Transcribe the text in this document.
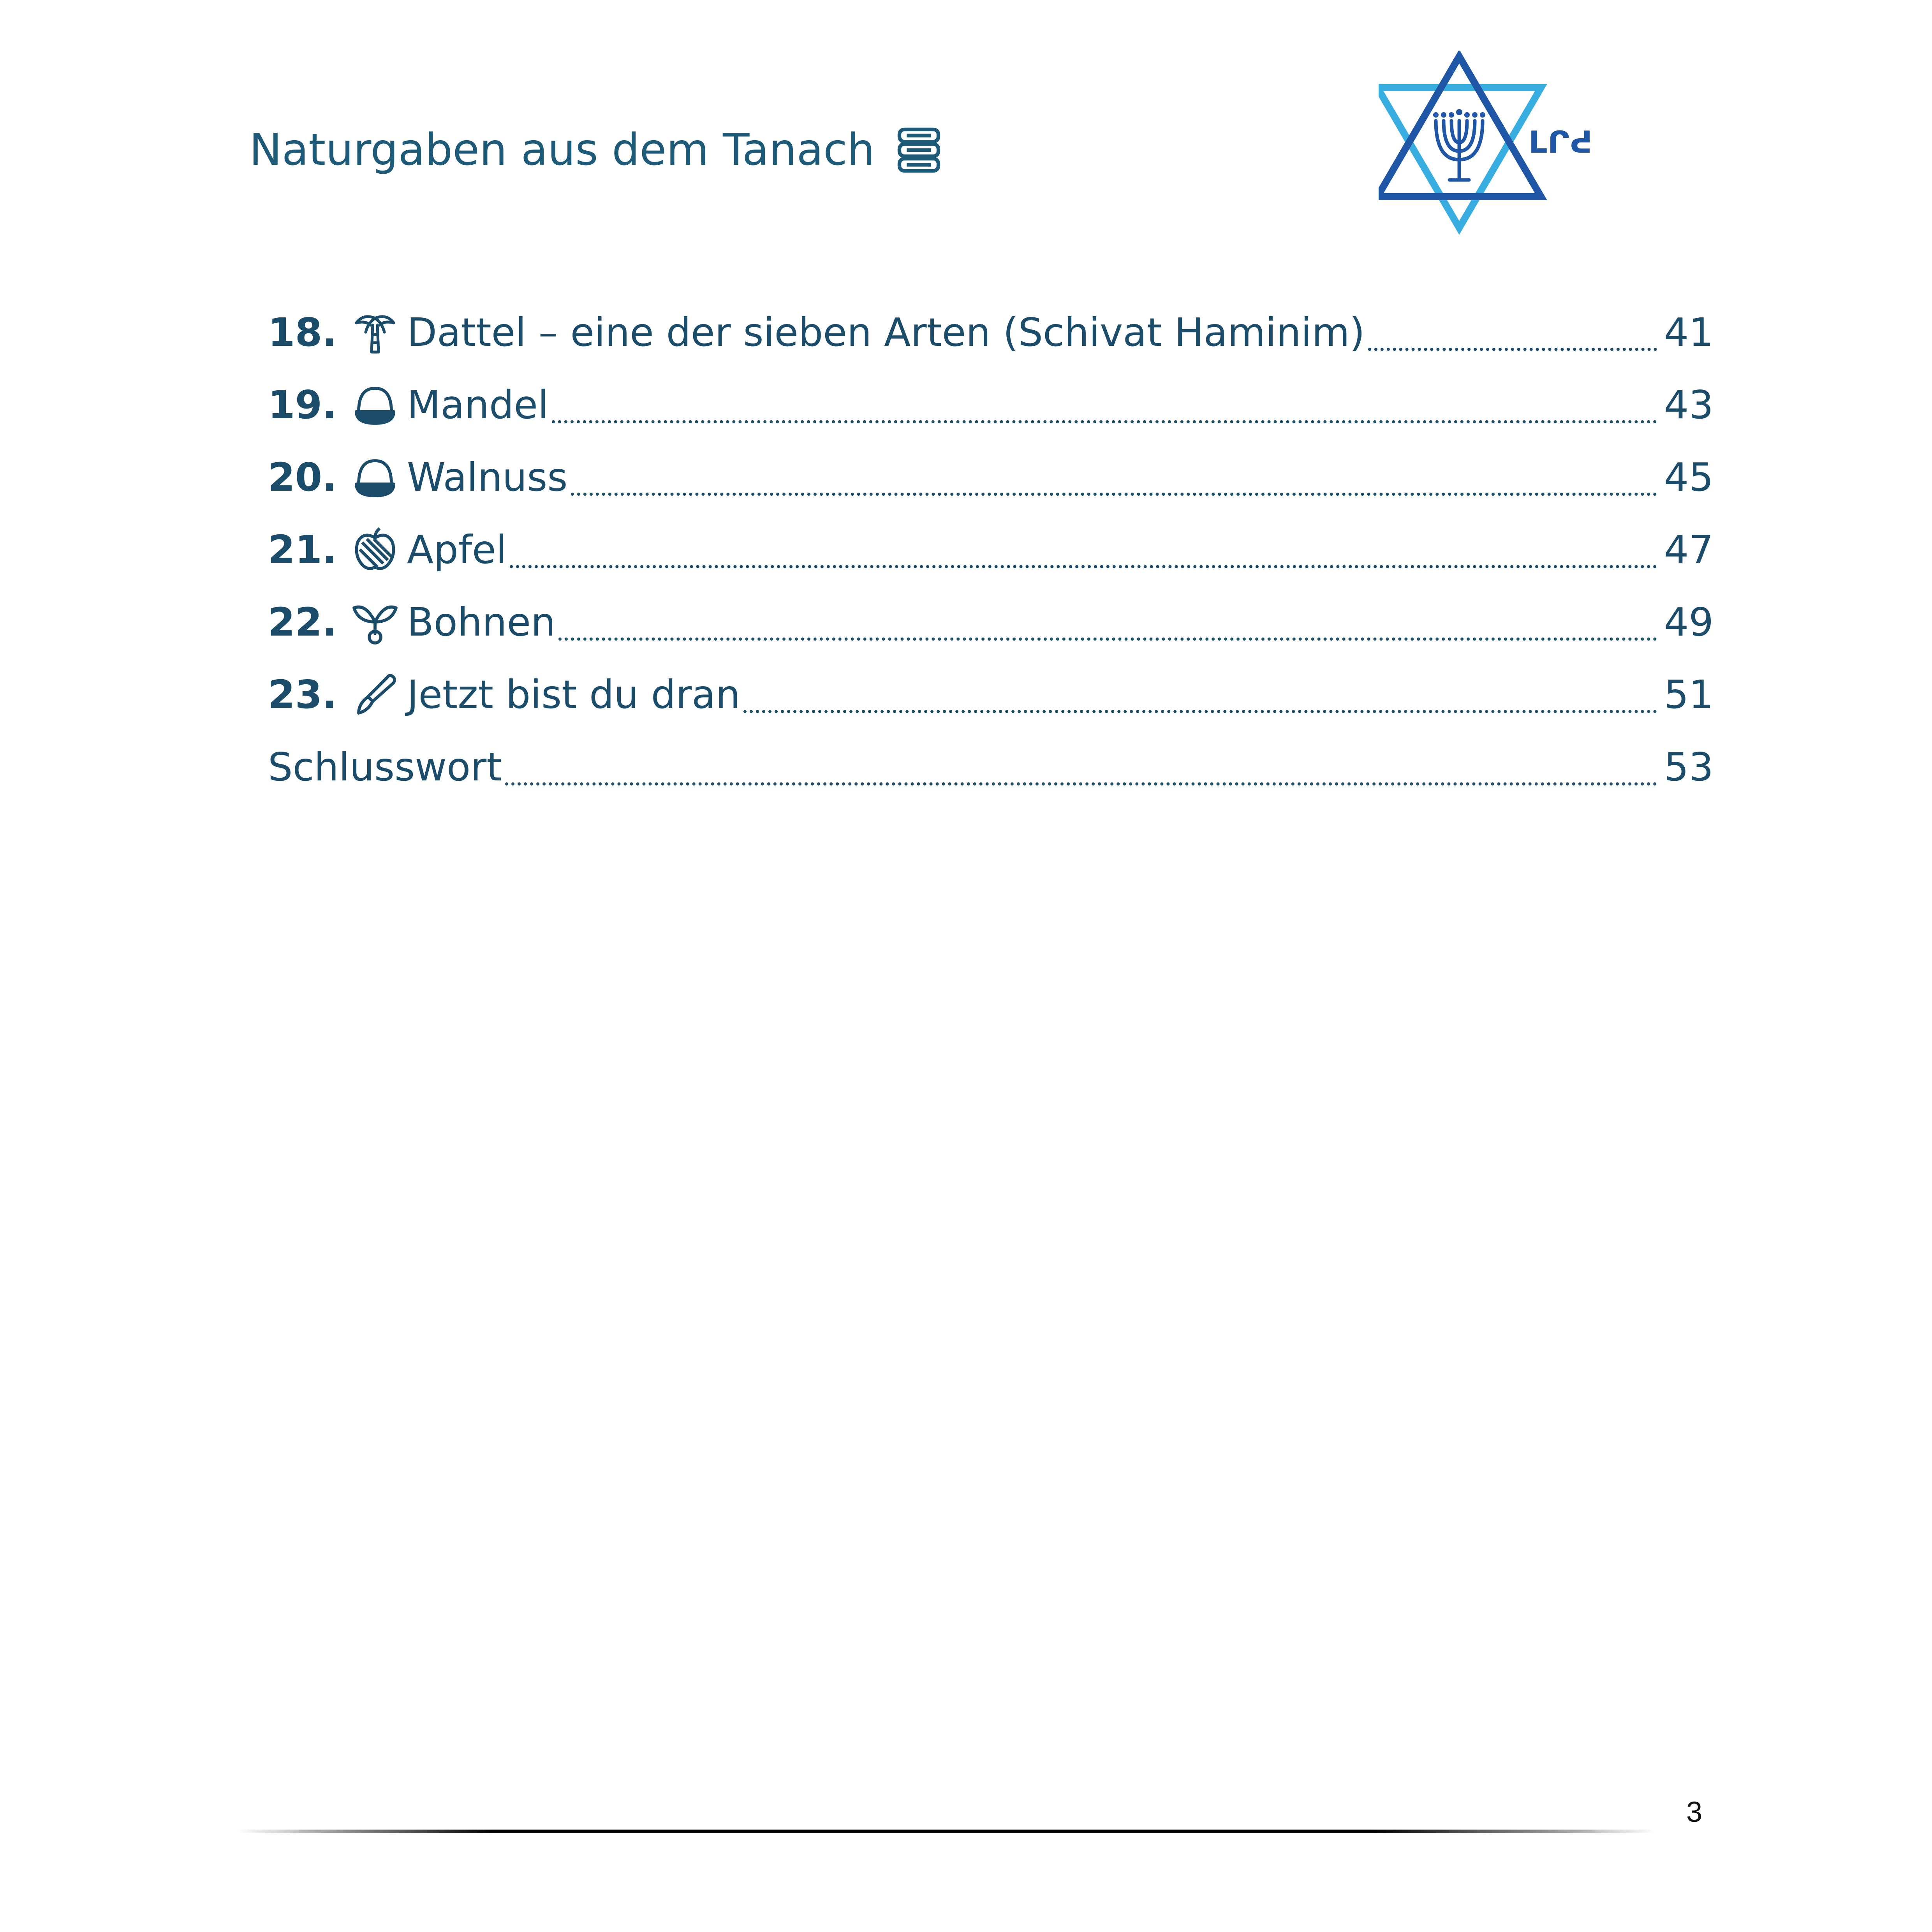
Naturgaben aus dem Tanach	ᒪᒋᕍ
18.	Dattel – eine der sieben Arten (Schivat Haminim)	41
19.	Mandel	43
20.	Walnuss	45
21.	Apfel	47
22.	Bohnen	49
23.	Jetzt bist du dran	51
Schlusswort	53
3
